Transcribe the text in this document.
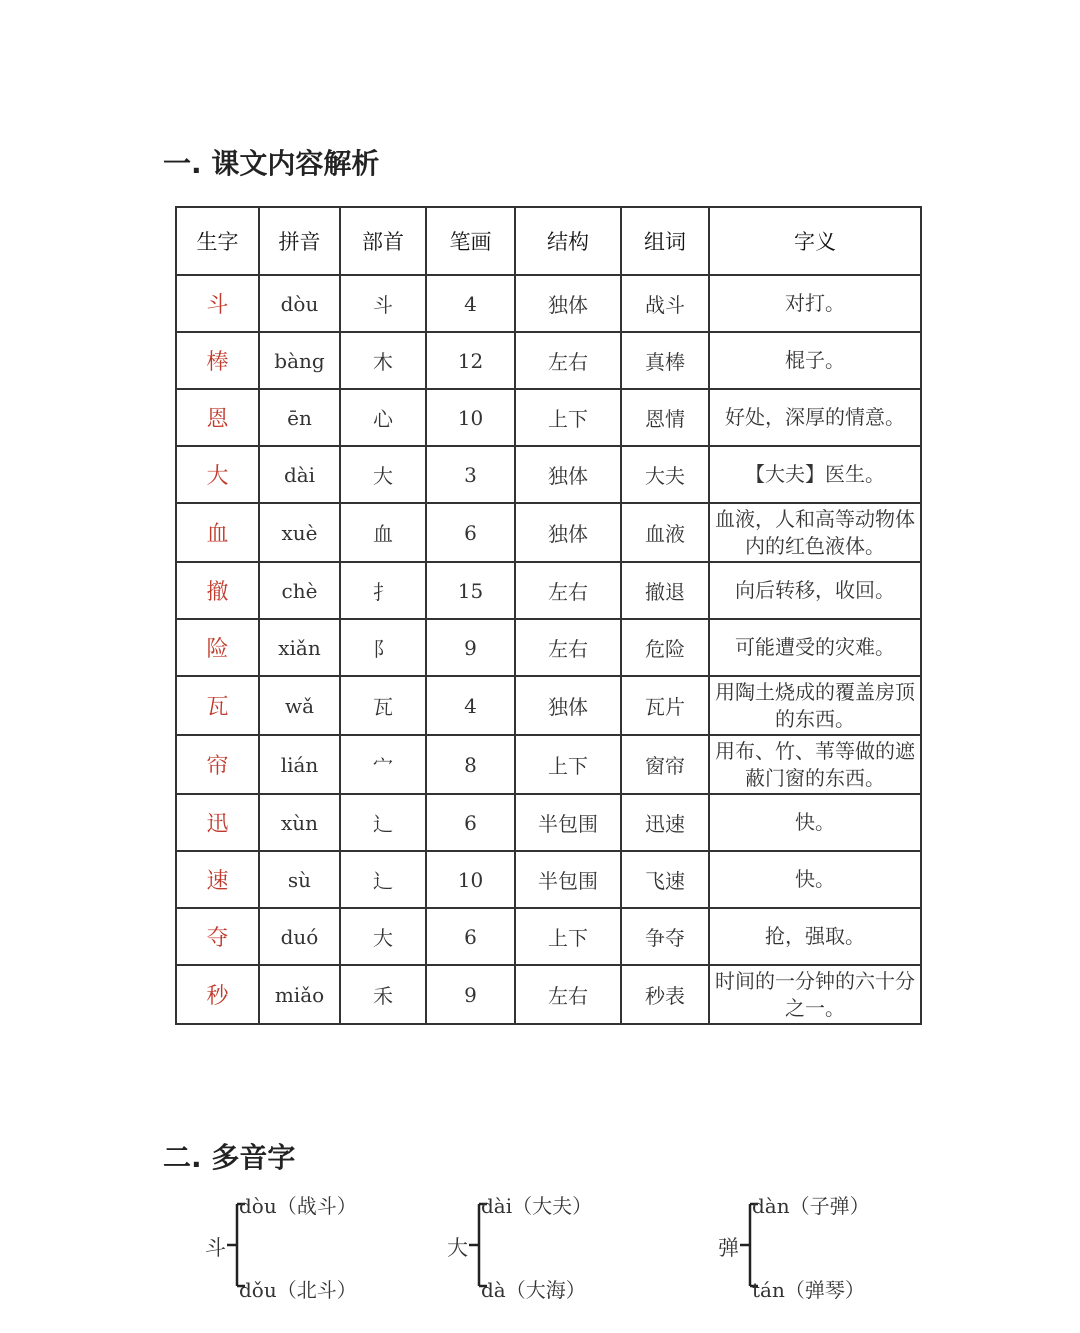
一. 课文内容解析
生字	拼音	部首	笔画	结构	组词	字义
斗	dòu	斗	4	独体	战斗	对打。
棒	bàng	木	12	左右	真棒	棍子。
恩	ēn	心	10	上下	恩情	好处，深厚的情意。
大	dài	大	3	独体	大夫	【大夫】医生。
血	xuè	血	6	独体	血液	血液，人和高等动物体内的红色液体。
撤	chè	扌	15	左右	撤退	向后转移，收回。
险	xiǎn	阝	9	左右	危险	可能遭受的灾难。
瓦	wǎ	瓦	4	独体	瓦片	用陶土烧成的覆盖房顶的东西。
帘	lián	宀	8	上下	窗帘	用布、竹、苇等做的遮蔽门窗的东西。
迅	xùn	辶	6	半包围	迅速	快。
速	sù	辶	10	半包围	飞速	快。
夺	duó	大	6	上下	争夺	抢，强取。
秒	miǎo	禾	9	左右	秒表	时间的一分钟的六十分之一。
二. 多音字
斗
dòu（战斗）
dǒu（北斗）
大
dài（大夫）
dà（大海）
弹
dàn（子弹）
tán（弹琴）
